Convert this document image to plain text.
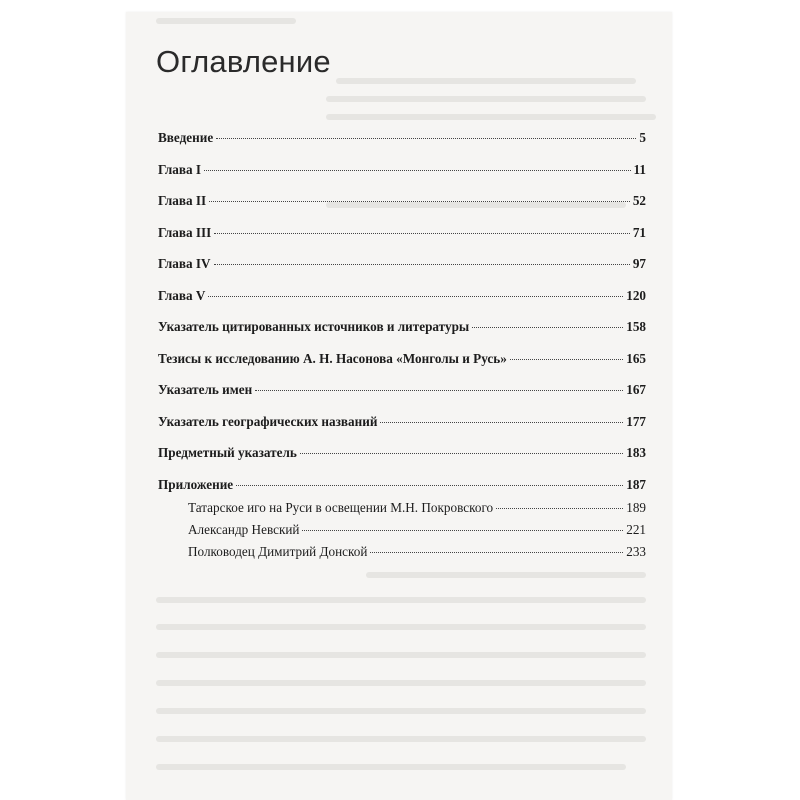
Оглавление
Введение	5
Глава I	11
Глава II	52
Глава III	71
Глава IV	97
Глава V	120
Указатель цитированных источников и литературы	158
Тезисы к исследованию А. Н. Насонова «Монголы и Русь»	165
Указатель имен	167
Указатель географических названий	177
Предметный указатель	183
Приложение	187
Татарское иго на Руси в освещении М.Н. Покровского	189
Александр Невский	221
Полководец Димитрий Донской	233
